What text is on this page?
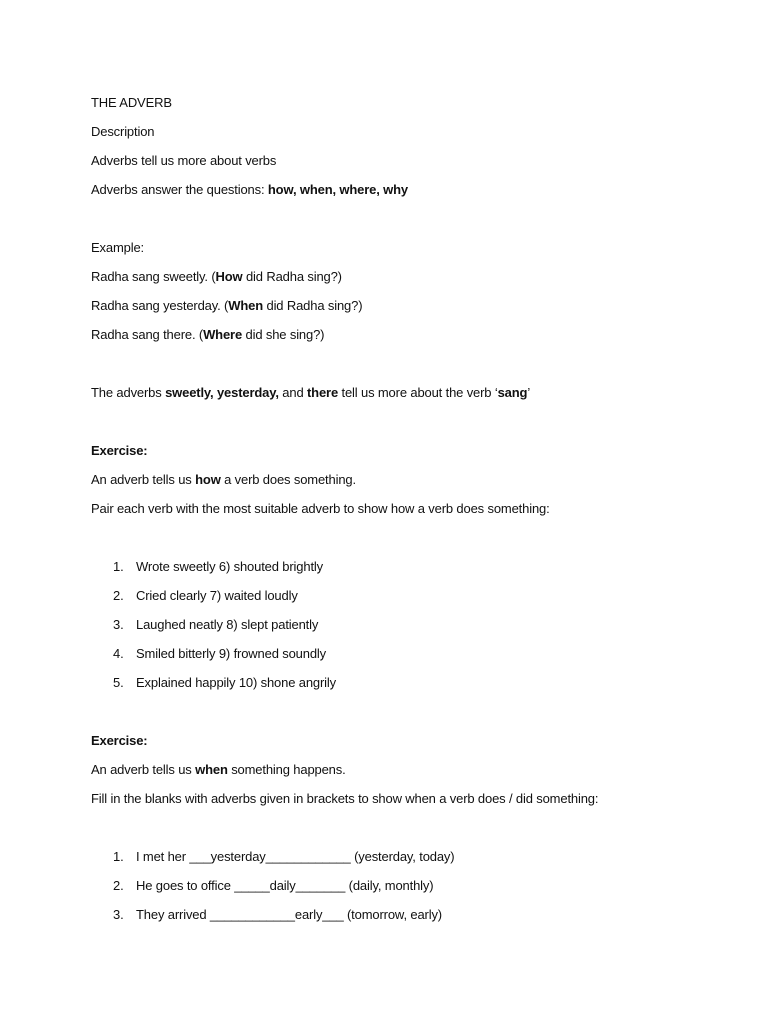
THE ADVERB
Description
Adverbs tell us more about verbs
Adverbs answer the questions: how, when, where, why
Example:
Radha sang sweetly. (How did Radha sing?)
Radha sang yesterday. (When did Radha sing?)
Radha sang there. (Where did she sing?)
The adverbs sweetly, yesterday, and there tell us more about the verb ‘sang’
Exercise:
An adverb tells us how a verb does something.
Pair each verb with the most suitable adverb to show how a verb does something:
1. Wrote sweetly 6) shouted brightly
2. Cried clearly 7) waited loudly
3. Laughed neatly 8) slept patiently
4. Smiled bitterly 9) frowned soundly
5. Explained happily 10) shone angrily
Exercise:
An adverb tells us when something happens.
Fill in the blanks with adverbs given in brackets to show when a verb does / did something:
1. I met her ___yesterday____________ (yesterday, today)
2. He goes to office _____daily_______ (daily, monthly)
3. They arrived ____________early___ (tomorrow, early)
